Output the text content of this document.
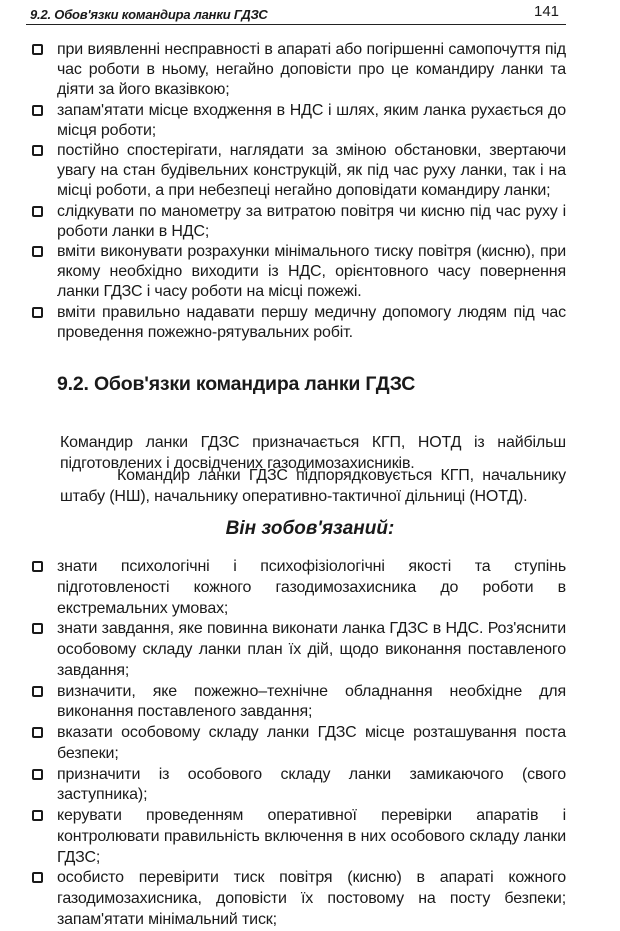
9.2. Обов'язки командира ланки ГДЗС	141
при виявленні несправності в апараті або погіршенні самопочуття під час роботи в ньому, негайно доповісти про це командиру ланки та діяти за його вказівкою;
запам'ятати місце входження в НДС і шлях, яким ланка рухається до місця роботи;
постійно спостерігати, наглядати за зміною обстановки, звертаючи увагу на стан будівельних конструкцій, як під час руху ланки, так і на місці роботи, а при небезпеці негайно доповідати командиру ланки;
слідкувати по манометру за витратою повітря чи кисню під час руху і роботи ланки в НДС;
вміти виконувати розрахунки мінімального тиску повітря (кисню), при якому необхідно виходити із НДС, орієнтовного часу повернення ланки ГДЗС і часу роботи на місці пожежі.
вміти правильно надавати першу медичну допомогу людям під час проведення пожежно-рятувальних робіт.
9.2. Обов'язки командира ланки ГДЗС

Командир ланки ГДЗС призначається КГП, НОТД із найбільш підготовлених і досвідчених газодимозахисників.

Командир ланки ГДЗС підпорядковується КГП, начальнику штабу (НШ), начальнику оперативно-тактичної дільниці (НОТД).

Він зобов'язаний:
знати психологічні і психофізіологічні якості та ступінь підготовленості кожного газодимозахисника до роботи в екстремальних умовах;
знати завдання, яке повинна виконати ланка ГДЗС в НДС. Роз'яснити особовому складу ланки план їх дій, щодо виконання поставленого завдання;
визначити, яке пожежно–технічне обладнання необхідне для виконання поставленого завдання;
вказати особовому складу ланки ГДЗС місце розташування поста безпеки;
призначити із особового складу ланки замикаючого (свого заступника);
керувати проведенням оперативної перевірки апаратів і контролювати правильність включення в них особового складу ланки ГДЗС;
особисто перевірити тиск повітря (кисню) в апараті кожного газодимозахисника, доповісти їх постовому на посту безпеки; запам'ятати мінімальний тиск;
